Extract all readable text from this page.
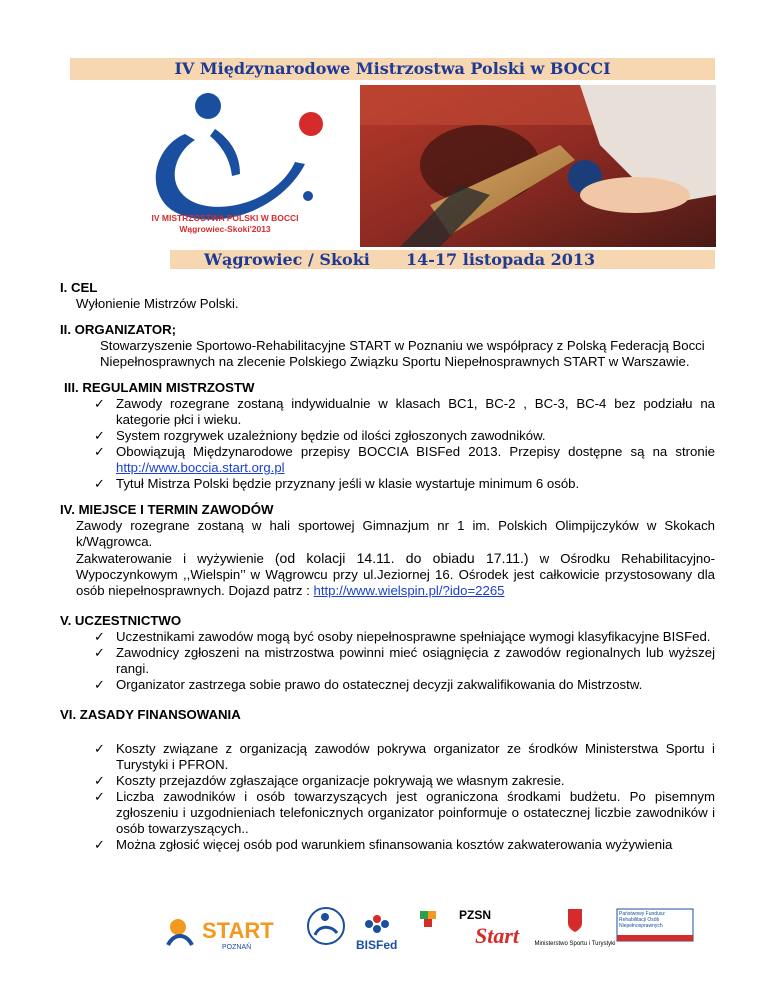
IV Międzynarodowe Mistrzostwa Polski w BOCCI
IV MISTRZOSTWA POLSKI W BOCCI
Wągrowiec-Skoki'2013
Wągrowiec / Skoki 14-17 listopada 2013
I. CEL
Wyłonienie Mistrzów Polski.
II. ORGANIZATOR;
Stowarzyszenie Sportowo-Rehabilitacyjne START w Poznaniu we współpracy z Polską Federacją Bocci Niepełnosprawnych na zlecenie Polskiego Związku Sportu Niepełnosprawnych START w Warszawie.
III. REGULAMIN MISTRZOSTW
✓ Zawody rozegrane zostaną indywidualnie w klasach BC1, BC-2 , BC-3, BC-4 bez podziału na kategorie płci i wieku.
✓ System rozgrywek uzależniony będzie od ilości zgłoszonych zawodników.
✓ Obowiązują Międzynarodowe przepisy BOCCIA BISFed 2013. Przepisy dostępne są na stronie http://www.boccia.start.org.pl
✓ Tytuł Mistrza Polski będzie przyznany jeśli w klasie wystartuje minimum 6 osób.
IV. MIEJSCE I TERMIN ZAWODÓW
Zawody rozegrane zostaną w hali sportowej Gimnazjum nr 1 im. Polskich Olimpijczyków w Skokach k/Wągrowca.
Zakwaterowanie i wyżywienie (od kolacji 14.11. do obiadu 17.11.) w Ośrodku Rehabilitacyjno-Wypoczynkowym ,,Wielspin’’ w Wągrowcu przy ul.Jeziornej 16. Ośrodek jest całkowicie przystosowany dla osób niepełnosprawnych. Dojazd patrz : http://www.wielspin.pl/?ido=2265
V. UCZESTNICTWO
✓ Uczestnikami zawodów mogą być osoby niepełnosprawne spełniające wymogi klasyfikacyjne BISFed.
✓ Zawodnicy zgłoszeni na mistrzostwa powinni mieć osiągnięcia z zawodów regionalnych lub wyższej rangi.
✓ Organizator zastrzega sobie prawo do ostatecznej decyzji zakwalifikowania do Mistrzostw.
VI. ZASADY FINANSOWANIA
✓ Koszty związane z organizacją zawodów pokrywa organizator ze środków Ministerstwa Sportu i Turystyki i PFRON.
✓ Koszty przejazdów zgłaszające organizacje pokrywają we własnym zakresie.
✓ Liczba zawodników i osób towarzyszących jest ograniczona środkami budżetu. Po pisemnym zgłoszeniu i uzgodnieniach telefonicznych organizator poinformuje o ostatecznej liczbie zawodników i osób towarzyszących..
✓ Można zgłosić więcej osób pod warunkiem sfinansowania kosztów zakwaterowania wyżywienia
START
POZNAŃ	BISFed
PZSN
Start	Ministerstwo Sportu i Turystyki
Państwowy Fundusz Rehabilitacji Osób Niepełnosprawnych
